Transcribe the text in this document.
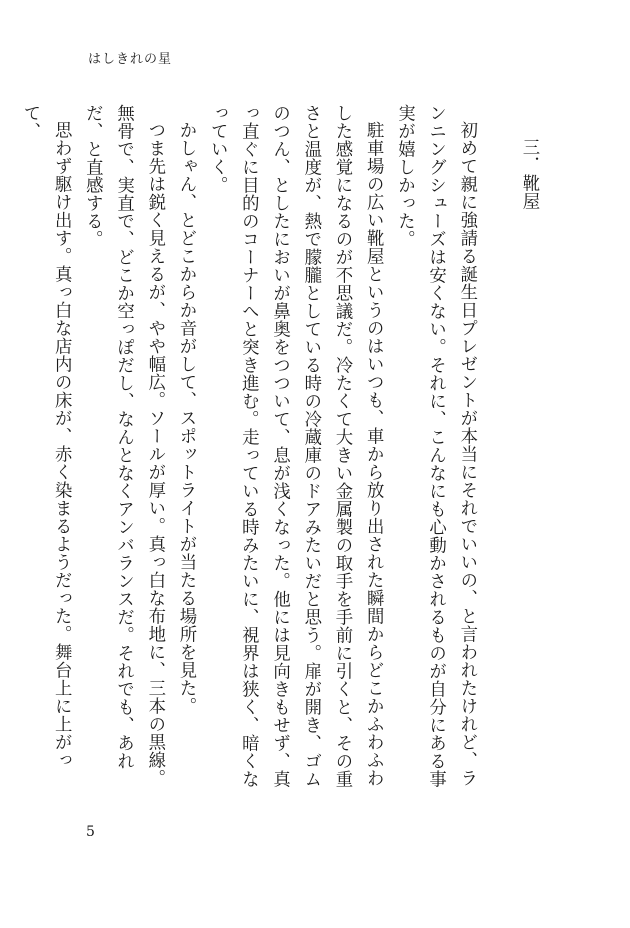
はしきれの星
三．靴屋

初めて親に強請る誕生日プレゼントが本当にそれでいいの、と言われたけれど、ランニングシューズは安くない。それに、こんなにも心動かされるものが自分にある事実が嬉しかった。

駐車場の広い靴屋というのはいつも、車から放り出された瞬間からどこかふわふわした感覚になるのが不思議だ。冷たくて大きい金属製の取手を手前に引くと、その重さと温度が、熱で朦朧としている時の冷蔵庫のドアみたいだと思う。扉が開き、ゴムのつん、としたにおいが鼻奥をつついて、息が浅くなった。他には見向きもせず、真っ直ぐに目的のコーナーへと突き進む。走っている時みたいに、視界は狭く、暗くなっていく。

かしゃん、とどこからか音がして、スポットライトが当たる場所を見た。

つま先は鋭く見えるが、やや幅広。ソールが厚い。真っ白な布地に、三本の黒線。無骨で、実直で、どこか空っぽだし、なんとなくアンバランスだ。それでも、あれだ、と直感する。

思わず駆け出す。真っ白な店内の床が、赤く染まるようだった。舞台上に上がって、

5
